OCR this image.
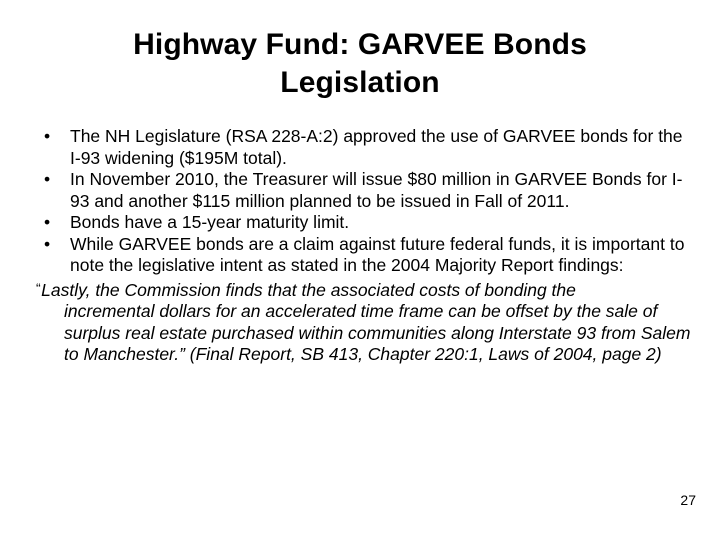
Highway Fund: GARVEE Bonds
Legislation
• The NH Legislature (RSA 228-A:2) approved the use of GARVEE bonds for the I-93 widening ($195M total).
• In November 2010, the Treasurer will issue $80 million in GARVEE Bonds for I-93 and another $115 million planned to be issued in Fall of 2011.
• Bonds have a 15-year maturity limit.
• While GARVEE bonds are a claim against future federal funds, it is important to note the legislative intent as stated in the 2004 Majority Report findings:
“Lastly, the Commission finds that the associated costs of bonding the
incremental dollars for an accelerated time frame can be offset by the sale of surplus real estate purchased within communities along Interstate 93 from Salem to Manchester.” (Final Report, SB 413, Chapter 220:1, Laws of 2004, page 2)
27
